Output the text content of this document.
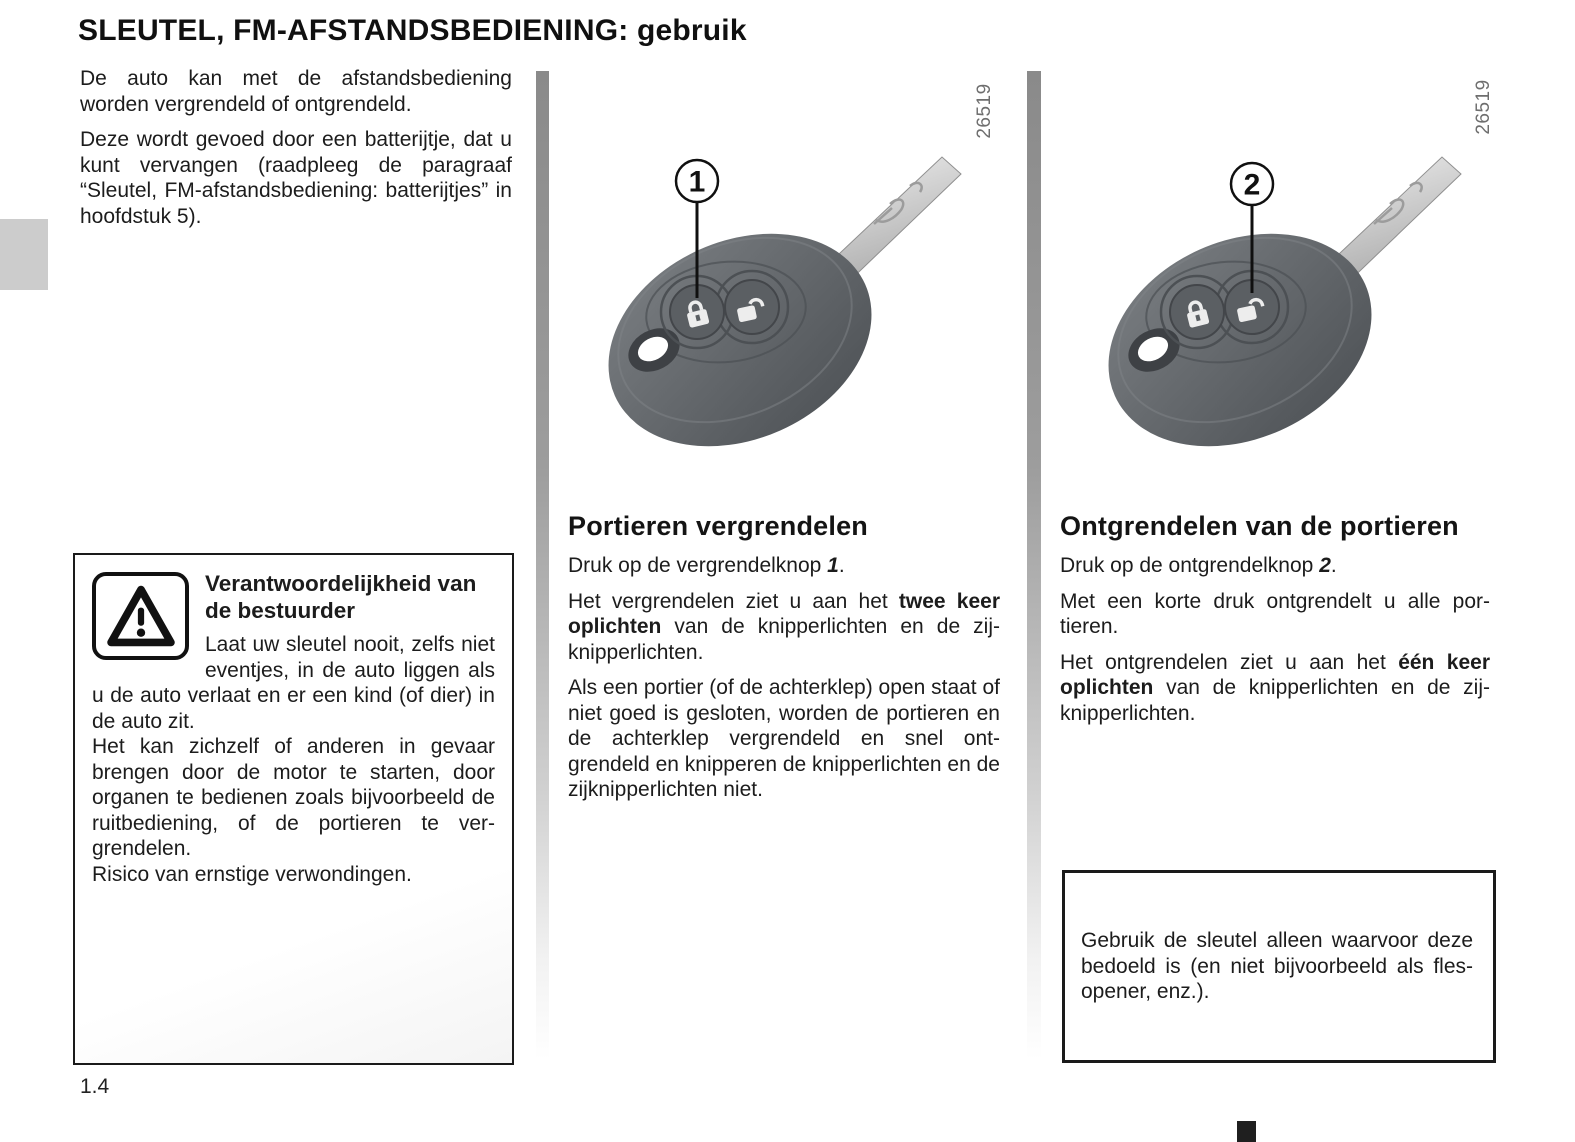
SLEUTEL, FM-AFSTANDSBEDIENING: gebruik

De auto kan met de afstandsbediening worden vergrendeld of ontgrendeld.

Deze wordt gevoed door een batterijtje, dat u kunt vervangen (raadpleeg de paragraaf “Sleutel, FM-afstandsbediening: batterijtjes” in hoofdstuk 5).

26519	26519
1	2
Portieren vergrendelen

Druk op de vergrendelknop 1.

Het vergrendelen ziet u aan het twee keer oplichten van de knipperlichten en de zij-knipperlichten.

Als een portier (of de achterklep) open staat of niet goed is gesloten, worden de portieren en de achterklep vergrendeld en snel ont-grendeld en knipperen de knipperlichten en de zijknipperlichten niet.

Ontgrendelen van de portieren

Druk op de ontgrendelknop 2.

Met een korte druk ontgrendelt u alle por-tieren.

Het ontgrendelen ziet u aan het één keer oplichten van de knipperlichten en de zij-knipperlichten.

Verantwoordelijkheid van de bestuurder

Laat uw sleutel nooit, zelfs niet eventjes, in de auto liggen als u de auto verlaat en er een kind (of dier) in de auto zit.

Het kan zichzelf of anderen in gevaar brengen door de motor te starten, door organen te bedienen zoals bijvoorbeeld de ruitbediening, of de portieren te ver-grendelen.

Risico van ernstige verwondingen.

Gebruik de sleutel alleen waarvoor deze bedoeld is (en niet bijvoorbeeld als fles-opener, enz.).

1.4
